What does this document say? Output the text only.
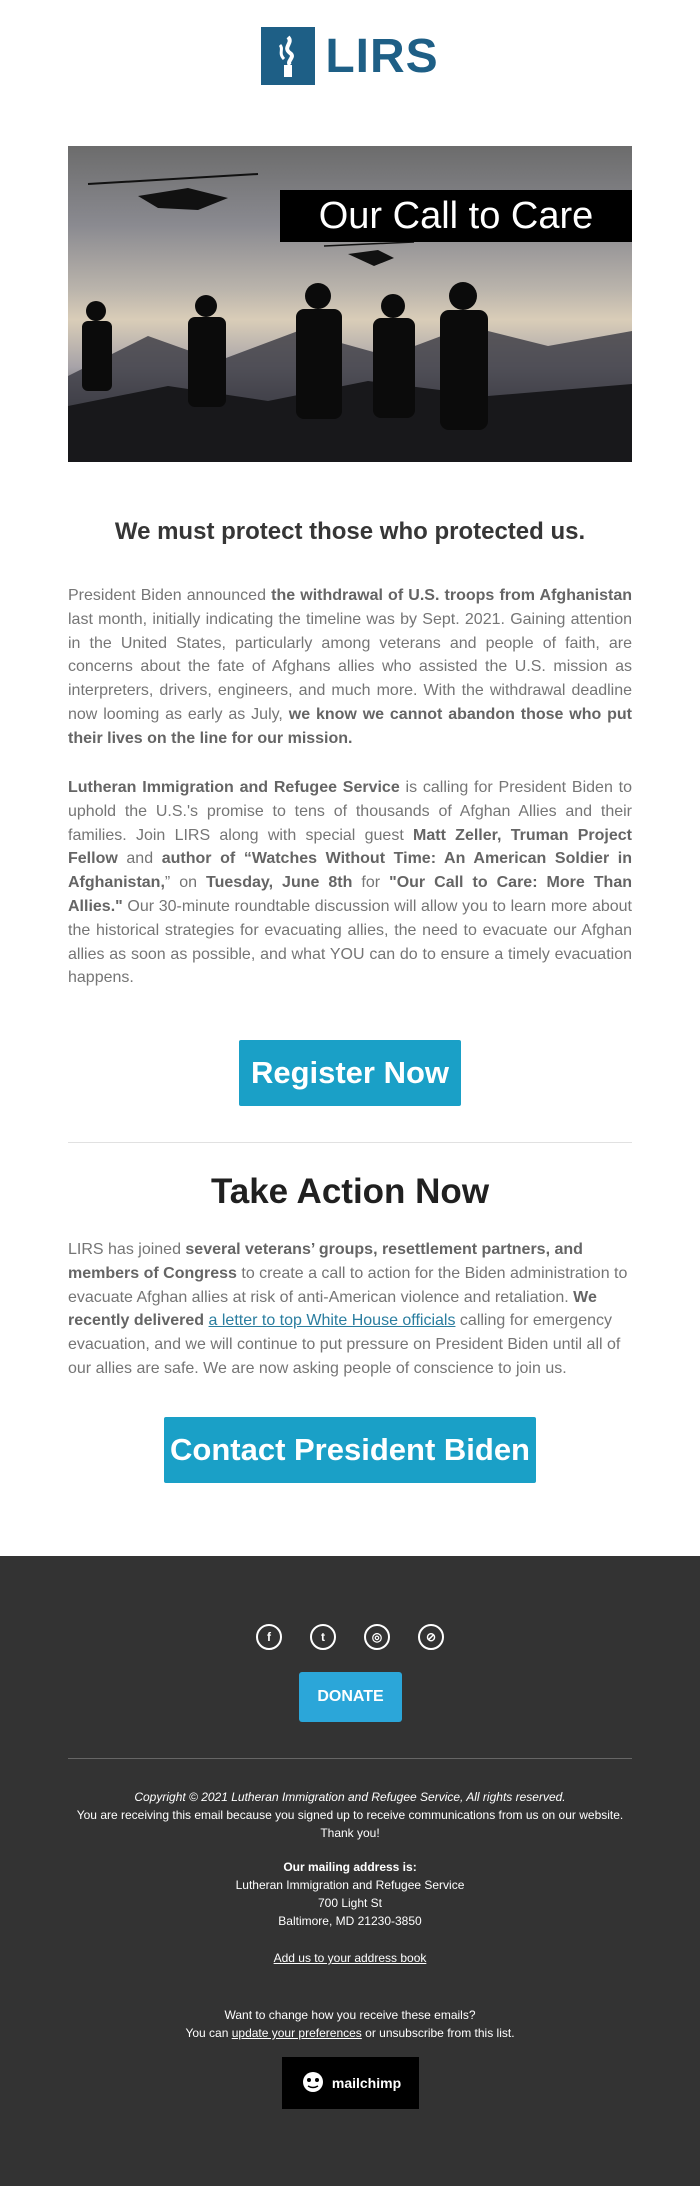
LIRS
Our Call to Care
We must protect those who protected us.

President Biden announced the withdrawal of U.S. troops from Afghanistan last month, initially indicating the timeline was by Sept. 2021. Gaining attention in the United States, particularly among veterans and people of faith, are concerns about the fate of Afghans allies who assisted the U.S. mission as interpreters, drivers, engineers, and much more. With the withdrawal deadline now looming as early as July, we know we cannot abandon those who put their lives on the line for our mission.

Lutheran Immigration and Refugee Service is calling for President Biden to uphold the U.S.'s promise to tens of thousands of Afghan Allies and their families. Join LIRS along with special guest Matt Zeller, Truman Project Fellow and author of “Watches Without Time: An American Soldier in Afghanistan,” on Tuesday, June 8th for "Our Call to Care: More Than Allies." Our 30-minute roundtable discussion will allow you to learn more about the historical strategies for evacuating allies, the need to evacuate our Afghan allies as soon as possible, and what YOU can do to ensure a timely evacuation happens.

Register Now
Take Action Now

LIRS has joined several veterans’ groups, resettlement partners, and members of Congress to create a call to action for the Biden administration to evacuate Afghan allies at risk of anti-American violence and retaliation. We recently delivered a letter to top White House officials calling for emergency evacuation, and we will continue to put pressure on President Biden until all of our allies are safe. We are now asking people of conscience to join us.

Contact President Biden
f	t	◎	⊘
DONATE

Copyright © 2021 Lutheran Immigration and Refugee Service, All rights reserved.

You are receiving this email because you signed up to receive communications from us on our website. Thank you!

Our mailing address is:

Lutheran Immigration and Refugee Service

700 Light St

Baltimore, MD 21230-3850

Add us to your address book

Want to change how you receive these emails?

You can update your preferences or unsubscribe from this list.

mailchimp
